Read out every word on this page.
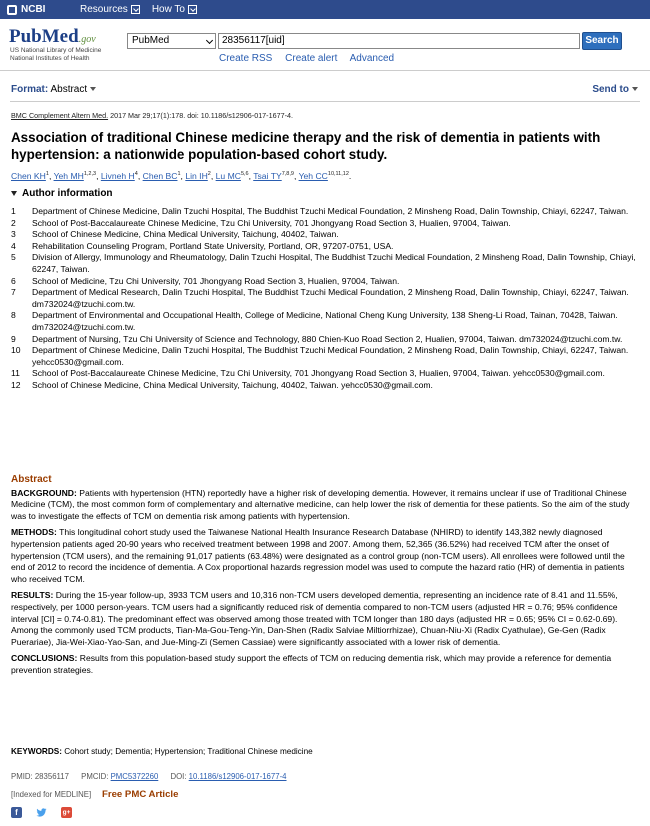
NCBI	Resources How To
PubMed.gov
US National Library of Medicine
National Institutes of Health
PubMed	28356117[uid]	Search
Create RSS Create alert Advanced
Format: Abstract	Send to
BMC Complement Altern Med. 2017 Mar 29;17(1):178. doi: 10.1186/s12906-017-1677-4.
Association of traditional Chinese medicine therapy and the risk of dementia in patients with hypertension: a nationwide population-based cohort study.
Chen $KH^1$, Yeh MH$^{1,2,3}$, Livneh $H^4$, Chen $BC^1$, Lin $IH^2$, Lu MC$^{5,6}$, Tsai TY$^{7,8,9}$, Yeh CC$^{10,11,12}$.
Author information
1	Department of Chinese Medicine, Dalin Tzuchi Hospital, The Buddhist Tzuchi Medical Foundation, 2 Minsheng Road, Dalin Township, Chiayi, 62247, Taiwan.
2	School of Post-Baccalaureate Chinese Medicine, Tzu Chi University, 701 Jhongyang Road Section 3, Hualien, 97004, Taiwan.
3	School of Chinese Medicine, China Medical University, Taichung, 40402, Taiwan.
4	Rehabilitation Counseling Program, Portland State University, Portland, OR, 97207-0751, USA.
5	Division of Allergy, Immunology and Rheumatology, Dalin Tzuchi Hospital, The Buddhist Tzuchi Medical Foundation, 2 Minsheng Road, Dalin Township, Chiayi, 62247, Taiwan.
6	School of Medicine, Tzu Chi University, 701 Jhongyang Road Section 3, Hualien, 97004, Taiwan.
7	Department of Medical Research, Dalin Tzuchi Hospital, The Buddhist Tzuchi Medical Foundation, 2 Minsheng Road, Dalin Township, Chiayi, 62247, Taiwan. dm732024@tzuchi.com.tw.
8	Department of Environmental and Occupational Health, College of Medicine, National Cheng Kung University, 138 Sheng-Li Road, Tainan, 70428, Taiwan. dm732024@tzuchi.com.tw.
9	Department of Nursing, Tzu Chi University of Science and Technology, 880 Chien-Kuo Road Section 2, Hualien, 97004, Taiwan. dm732024@tzuchi.com.tw.
10	Department of Chinese Medicine, Dalin Tzuchi Hospital, The Buddhist Tzuchi Medical Foundation, 2 Minsheng Road, Dalin Township, Chiayi, 62247, Taiwan. yehcc0530@gmail.com.
11	School of Post-Baccalaureate Chinese Medicine, Tzu Chi University, 701 Jhongyang Road Section 3, Hualien, 97004, Taiwan. yehcc0530@gmail.com.
12	School of Chinese Medicine, China Medical University, Taichung, 40402, Taiwan. yehcc0530@gmail.com.
Abstract

BACKGROUND: Patients with hypertension (HTN) reportedly have a higher risk of developing dementia. However, it remains unclear if use of Traditional Chinese Medicine (TCM), the most common form of complementary and alternative medicine, can help lower the risk of dementia for these patients. So the aim of the study was to investigate the effects of TCM on dementia risk among patients with hypertension.

METHODS: This longitudinal cohort study used the Taiwanese National Health Insurance Research Database (NHIRD) to identify 143,382 newly diagnosed hypertension patients aged 20-90 years who received treatment between 1998 and 2007. Among them, 52,365 (36.52%) had received TCM after the onset of hypertension (TCM users), and the remaining 91,017 patients (63.48%) were designated as a control group (non-TCM users). All enrollees were followed until the end of 2012 to record the incidence of dementia. A Cox proportional hazards regression model was used to compute the hazard ratio (HR) of dementia in patients who received TCM.

RESULTS: During the 15-year follow-up, 3933 TCM users and 10,316 non-TCM users developed dementia, representing an incidence rate of 8.41 and 11.55%, respectively, per 1000 person-years. TCM users had a significantly reduced risk of dementia compared to non-TCM users (adjusted HR = 0.76; 95% confidence interval [CI] = 0.74-0.81). The predominant effect was observed among those treated with TCM longer than 180 days (adjusted HR = 0.65; 95% CI = 0.62-0.69). Among the commonly used TCM products, Tian-Ma-Gou-Teng-Yin, Dan-Shen (Radix Salviae Miltiorrhizae), Chuan-Niu-Xi (Radix Cyathulae), Ge-Gen (Radix Puerariae), Jia-Wei-Xiao-Yao-San, and Jue-Ming-Zi (Semen Cassiae) were significantly associated with a lower risk of dementia.

CONCLUSIONS: Results from this population-based study support the effects of TCM on reducing dementia risk, which may provide a reference for dementia prevention strategies.

KEYWORDS: Cohort study; Dementia; Hypertension; Traditional Chinese medicine
PMID: 28356117 PMCID: PMC5372260 DOI: 10.1186/s12906-017-1677-4
[Indexed for MEDLINE] Free PMC Article
f	g+
